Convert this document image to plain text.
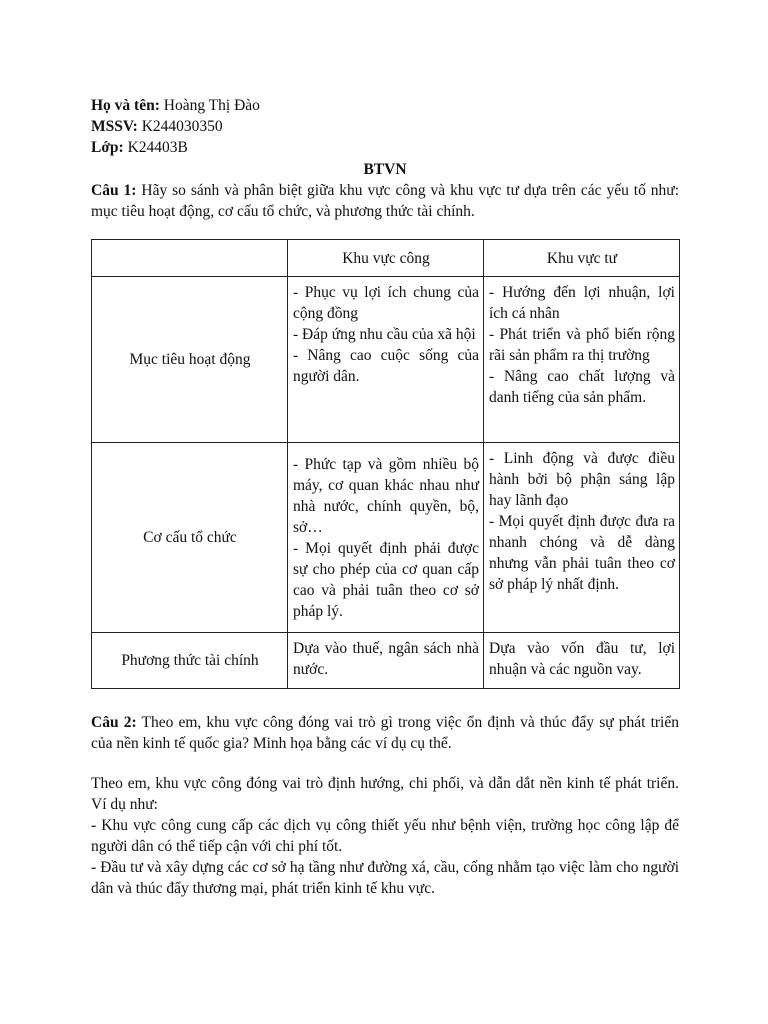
Họ và tên: Hoàng Thị Đào
MSSV: K244030350
Lớp: K24403B
BTVN
Câu 1: Hãy so sánh và phân biệt giữa khu vực công và khu vực tư dựa trên các yếu tố như: mục tiêu hoạt động, cơ cấu tổ chức, và phương thức tài chính.
	Khu vực công	Khu vực tư
Mục tiêu hoạt động	- Phục vụ lợi ích chung của cộng đồng
- Đáp ứng nhu cầu của xã hội
- Nâng cao cuộc sống của người dân.	- Hướng đến lợi nhuận, lợi ích cá nhân
- Phát triển và phổ biến rộng rãi sản phẩm ra thị trường
- Nâng cao chất lượng và danh tiếng của sản phẩm.

Cơ cấu tổ chức	- Phức tạp và gồm nhiều bộ máy, cơ quan khác nhau như nhà nước, chính quyền, bộ, sở…
- Mọi quyết định phải được sự cho phép của cơ quan cấp cao và phải tuân theo cơ sở pháp lý.	- Linh động và được điều hành bởi bộ phận sáng lập hay lãnh đạo
- Mọi quyết định được đưa ra nhanh chóng và dễ dàng nhưng vẫn phải tuân theo cơ sở pháp lý nhất định.

Phương thức tài chính	Dựa vào thuế, ngân sách nhà nước.	Dựa vào vốn đầu tư, lợi nhuận và các nguồn vay.
Câu 2: Theo em, khu vực công đóng vai trò gì trong việc ổn định và thúc đẩy sự phát triển của nền kinh tế quốc gia? Minh họa bằng các ví dụ cụ thể.
Theo em, khu vực công đóng vai trò định hướng, chi phối, và dẫn dắt nền kinh tế phát triển. Ví dụ như:
- Khu vực công cung cấp các dịch vụ công thiết yếu như bệnh viện, trường học công lập để người dân có thể tiếp cận với chi phí tốt.
- Đầu tư và xây dựng các cơ sở hạ tầng như đường xá, cầu, cống nhằm tạo việc làm cho người dân và thúc đẩy thương mại, phát triển kinh tế khu vực.
